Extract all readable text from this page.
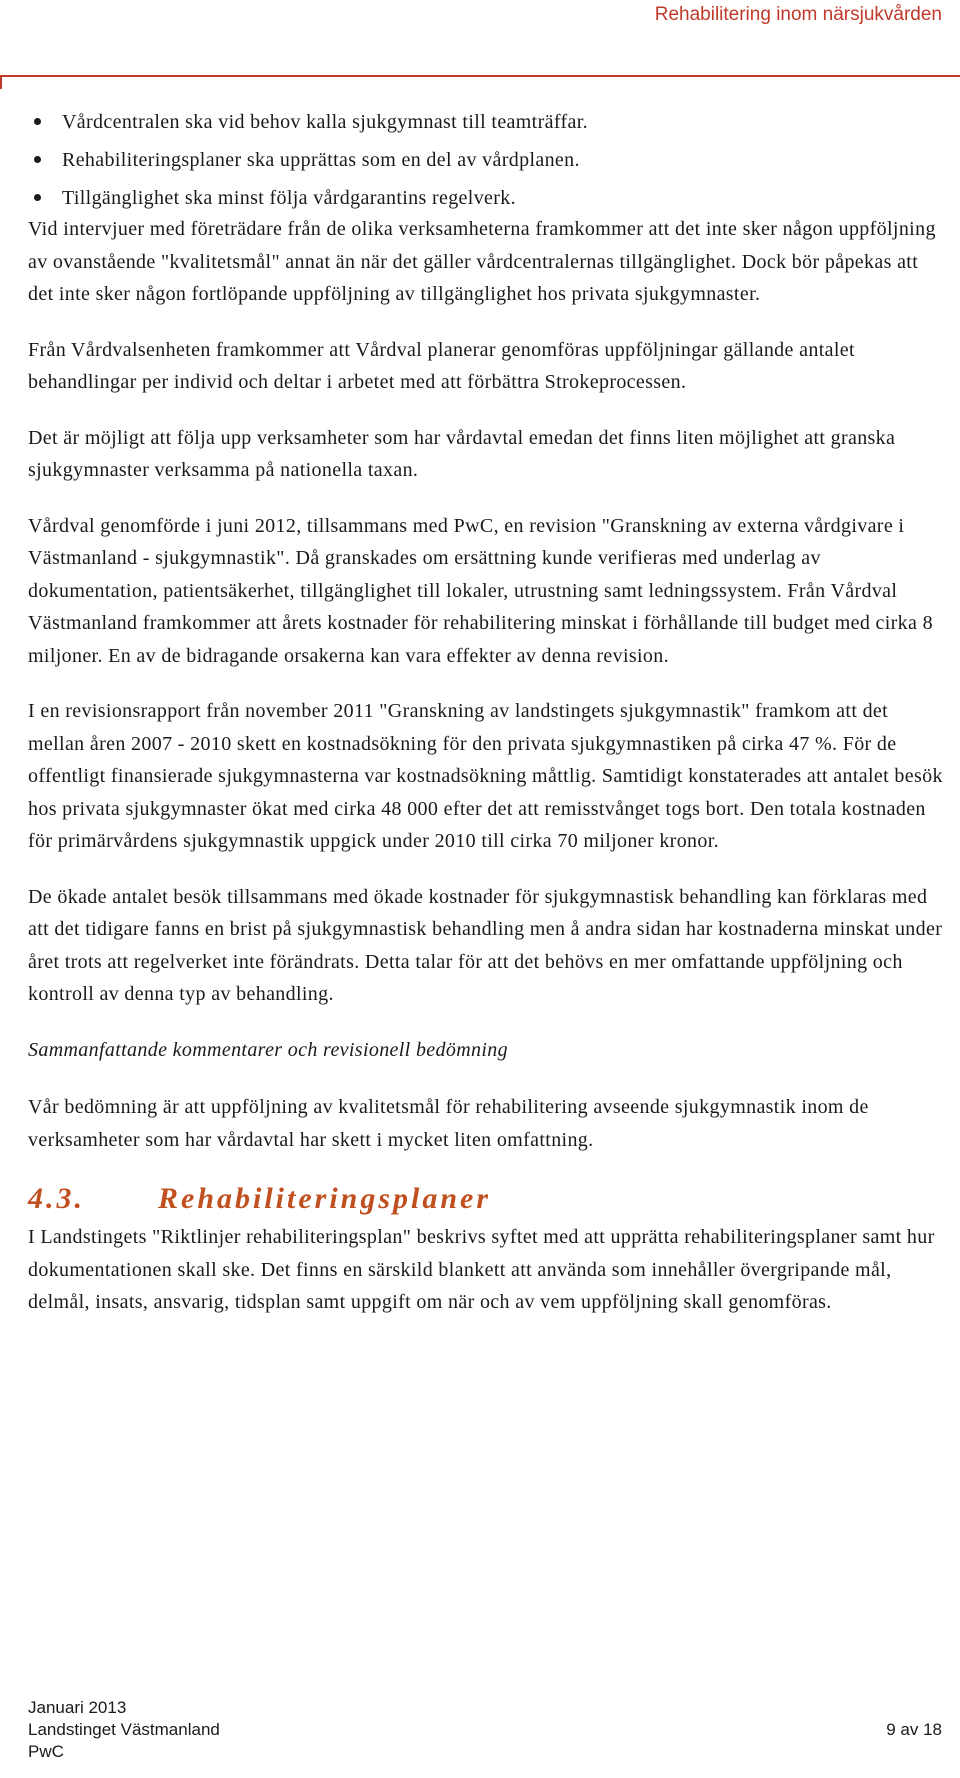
Rehabilitering inom närsjukvården
Vårdcentralen ska vid behov kalla sjukgymnast till teamträffar.
Rehabiliteringsplaner ska upprättas som en del av vårdplanen.
Tillgänglighet ska minst följa vårdgarantins regelverk.

Vid intervjuer med företrädare från de olika verksamheterna framkommer att det inte sker någon uppföljning av ovanstående "kvalitetsmål" annat än när det gäller vårdcentralernas tillgänglighet. Dock bör påpekas att det inte sker någon fortlöpande uppföljning av tillgänglighet hos privata sjukgymnaster.

Från Vårdvalsenheten framkommer att Vårdval planerar genomföras uppföljningar gällande antalet behandlingar per individ och deltar i arbetet med att förbättra Strokeprocessen.

Det är möjligt att följa upp verksamheter som har vårdavtal emedan det finns liten möjlighet att granska sjukgymnaster verksamma på nationella taxan.

Vårdval genomförde i juni 2012, tillsammans med PwC, en revision "Granskning av externa vårdgivare i Västmanland - sjukgymnastik". Då granskades om ersättning kunde verifieras med underlag av dokumentation, patientsäkerhet, tillgänglighet till lokaler, utrustning samt ledningssystem. Från Vårdval Västmanland framkommer att årets kostnader för rehabilitering minskat i förhållande till budget med cirka 8 miljoner. En av de bidragande orsakerna kan vara effekter av denna revision.

I en revisionsrapport från november 2011 "Granskning av landstingets sjukgymnastik" framkom att det mellan åren 2007 - 2010 skett en kostnadsökning för den privata sjukgymnastiken på cirka 47 %. För de offentligt finansierade sjukgymnasterna var kostnadsökning måttlig. Samtidigt konstaterades att antalet besök hos privata sjukgymnaster ökat med cirka 48 000 efter det att remisstvånget togs bort. Den totala kostnaden för primärvårdens sjukgymnastik uppgick under 2010 till cirka 70 miljoner kronor.

De ökade antalet besök tillsammans med ökade kostnader för sjukgymnastisk behandling kan förklaras med att det tidigare fanns en brist på sjukgymnastisk behandling men å andra sidan har kostnaderna minskat under året trots att regelverket inte förändrats. Detta talar för att det behövs en mer omfattande uppföljning och kontroll av denna typ av behandling.

Sammanfattande kommentarer och revisionell bedömning

Vår bedömning är att uppföljning av kvalitetsmål för rehabilitering avseende sjukgymnastik inom de verksamheter som har vårdavtal har skett i mycket liten omfattning.

4.3.	Rehabiliteringsplaner

I Landstingets "Riktlinjer rehabiliteringsplan" beskrivs syftet med att upprätta rehabiliteringsplaner samt hur dokumentationen skall ske. Det finns en särskild blankett att använda som innehåller övergripande mål, delmål, insats, ansvarig, tidsplan samt uppgift om när och av vem uppföljning skall genomföras.

Januari 2013
Landstinget Västmanland
PwC
9 av 18
